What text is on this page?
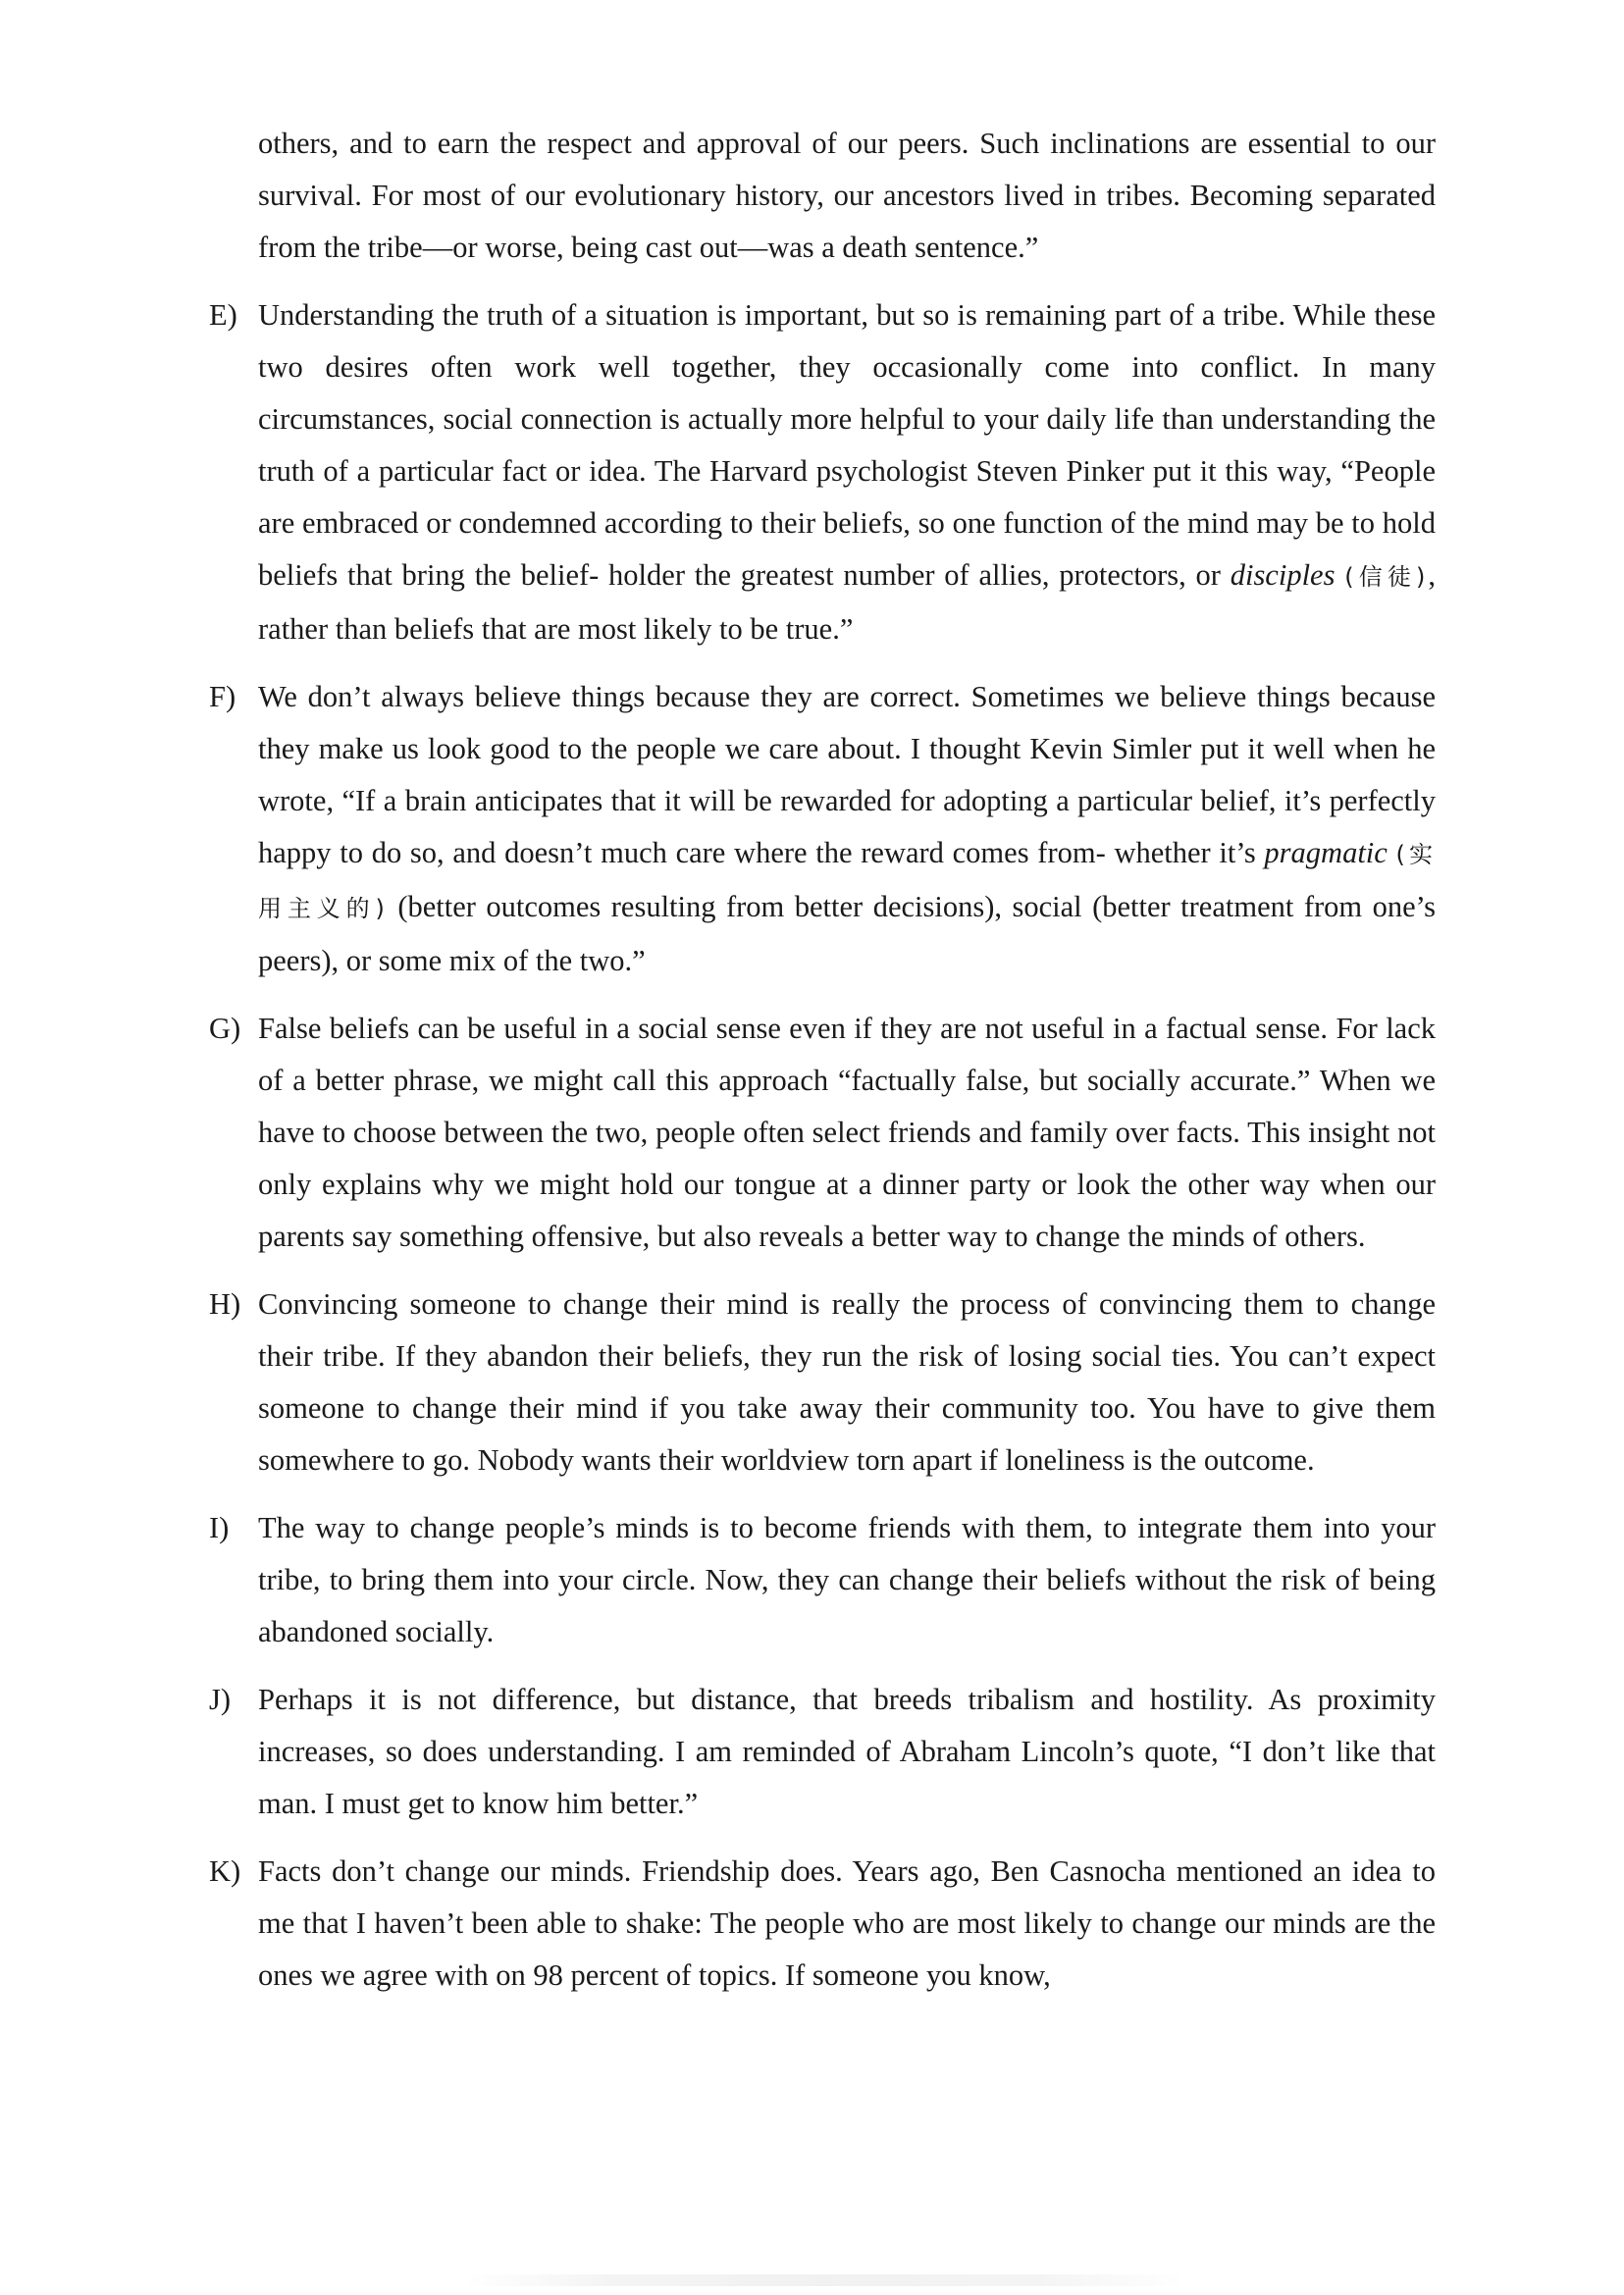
others, and to earn the respect and approval of our peers. Such inclinations are essential to our survival. For most of our evolutionary history, our ancestors lived in tribes. Becoming separated from the tribe—or worse, being cast out—was a death sentence.”

E) Understanding the truth of a situation is important, but so is remaining part of a tribe. While these two desires often work well together, they occasionally come into conflict. In many circumstances, social connection is actually more helpful to your daily life than understanding the truth of a particular fact or idea. The Harvard psychologist Steven Pinker put it this way, “People are embraced or condemned according to their beliefs, so one function of the mind may be to hold beliefs that bring the belief- holder the greatest number of allies, protectors, or disciples (信徒), rather than beliefs that are most likely to be true.”

F) We don’t always believe things because they are correct. Sometimes we believe things because they make us look good to the people we care about. I thought Kevin Simler put it well when he wrote, “If a brain anticipates that it will be rewarded for adopting a particular belief, it’s perfectly happy to do so, and doesn’t much care where the reward comes from- whether it’s pragmatic (实用主义的) (better outcomes resulting from better decisions), social (better treatment from one’s peers), or some mix of the two.”

G) False beliefs can be useful in a social sense even if they are not useful in a factual sense. For lack of a better phrase, we might call this approach “factually false, but socially accurate.” When we have to choose between the two, people often select friends and family over facts. This insight not only explains why we might hold our tongue at a dinner party or look the other way when our parents say something offensive, but also reveals a better way to change the minds of others.

H) Convincing someone to change their mind is really the process of convincing them to change their tribe. If they abandon their beliefs, they run the risk of losing social ties. You can’t expect someone to change their mind if you take away their community too. You have to give them somewhere to go. Nobody wants their worldview torn apart if loneliness is the outcome.

I) The way to change people’s minds is to become friends with them, to integrate them into your tribe, to bring them into your circle. Now, they can change their beliefs without the risk of being abandoned socially.

J) Perhaps it is not difference, but distance, that breeds tribalism and hostility. As proximity increases, so does understanding. I am reminded of Abraham Lincoln’s quote, “I don’t like that man. I must get to know him better.”

K) Facts don’t change our minds. Friendship does. Years ago, Ben Casnocha mentioned an idea to me that I haven’t been able to shake: The people who are most likely to change our minds are the ones we agree with on 98 percent of topics. If someone you know,
